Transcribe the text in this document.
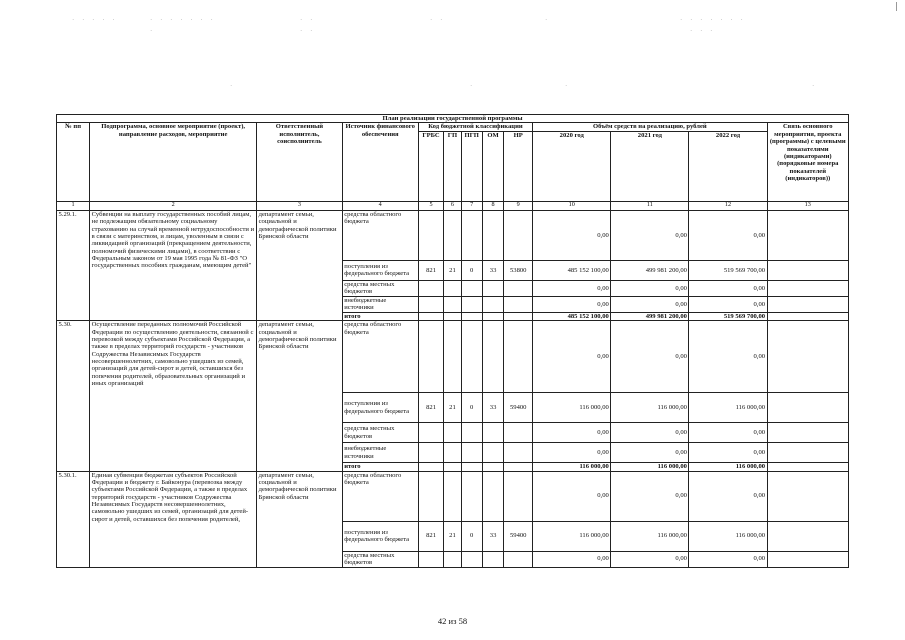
· · · · ·	· · · · · · ·	· ·	· ·	·	· · · · · · ·
·	· ·	· · ·
·	·	·	·
План реализации государственной программы												
№ пп	Подпрограмма, основное мероприятие (проект), направление расходов, мероприятие	Ответственный исполнитель, соисполнитель	Источник финансового обеспечения	Код бюджетной классификации					Объём средств на реализацию, рублей			Связь основного мероприятия, проекта (программы) с целевыми показателями (индикаторами) (порядковые номера показателей (индикаторов))
				ГРБС	ГП	ПГП	ОМ	НР	2020 год	2021 год	2022 год	
1	2	3	4	5	6	7	8	9	10	11	12	13
5.29.1.	Субвенции на выплату государственных пособий лицам, не подлежащим обязательному социальному страхованию на случай временной нетрудоспособности и в связи с материнством, и лицам, уволенным в связи с ликвидацией организаций (прекращением деятельности, полномочий физическими лицами), в соответствии с Федеральным законом от 19 мая 1995 года № 81-ФЗ "О государственных пособиях гражданам, имеющим детей"	департамент семьи, социальной и демографической политики Брянской области	средства областного бюджета						0,00	0,00	0,00	
			поступления из федерального бюджета	821	21	0	33	53800	485 152 100,00	499 981 200,00	519 569 700,00	
			средства местных бюджетов						0,00	0,00	0,00	
			внебюджетные источники						0,00	0,00	0,00	
			итого						485 152 100,00	499 981 200,00	519 569 700,00	
5.30.	Осуществление переданных полномочий Российской Федерации по осуществлению деятельности, связанной с перевозкой между субъектами Российской Федерации, а также в пределах территорий государств - участников Содружества Независимых Государств несовершеннолетних, самовольно ушедших из семей, организаций для детей-сирот и детей, оставшихся без попечения родителей, образовательных организаций и иных организаций	департамент семьи, социальной и демографической политики Брянской области	средства областного бюджета						0,00	0,00	0,00	
			поступления из федерального бюджета	821	21	0	33	59400	116 000,00	116 000,00	116 000,00	
			средства местных бюджетов						0,00	0,00	0,00	
			внебюджетные источники						0,00	0,00	0,00	
			итого						116 000,00	116 000,00	116 000,00	
5.30.1.	Единая субвенция бюджетам субъектов Российской Федерации и бюджету г. Байконура (перевозка между субъектами Российской Федерации, а также в пределах территорий государств - участников Содружества Независимых Государств несовершеннолетних, самовольно ушедших из семей, организаций для детей-сирот и детей, оставшихся без попечения родителей,	департамент семьи, социальной и демографической политики Брянской области	средства областного бюджета						0,00	0,00	0,00	
			поступления из федерального бюджета	821	21	0	33	59400	116 000,00	116 000,00	116 000,00	
			средства местных бюджетов						0,00	0,00	0,00	
42 из 58
